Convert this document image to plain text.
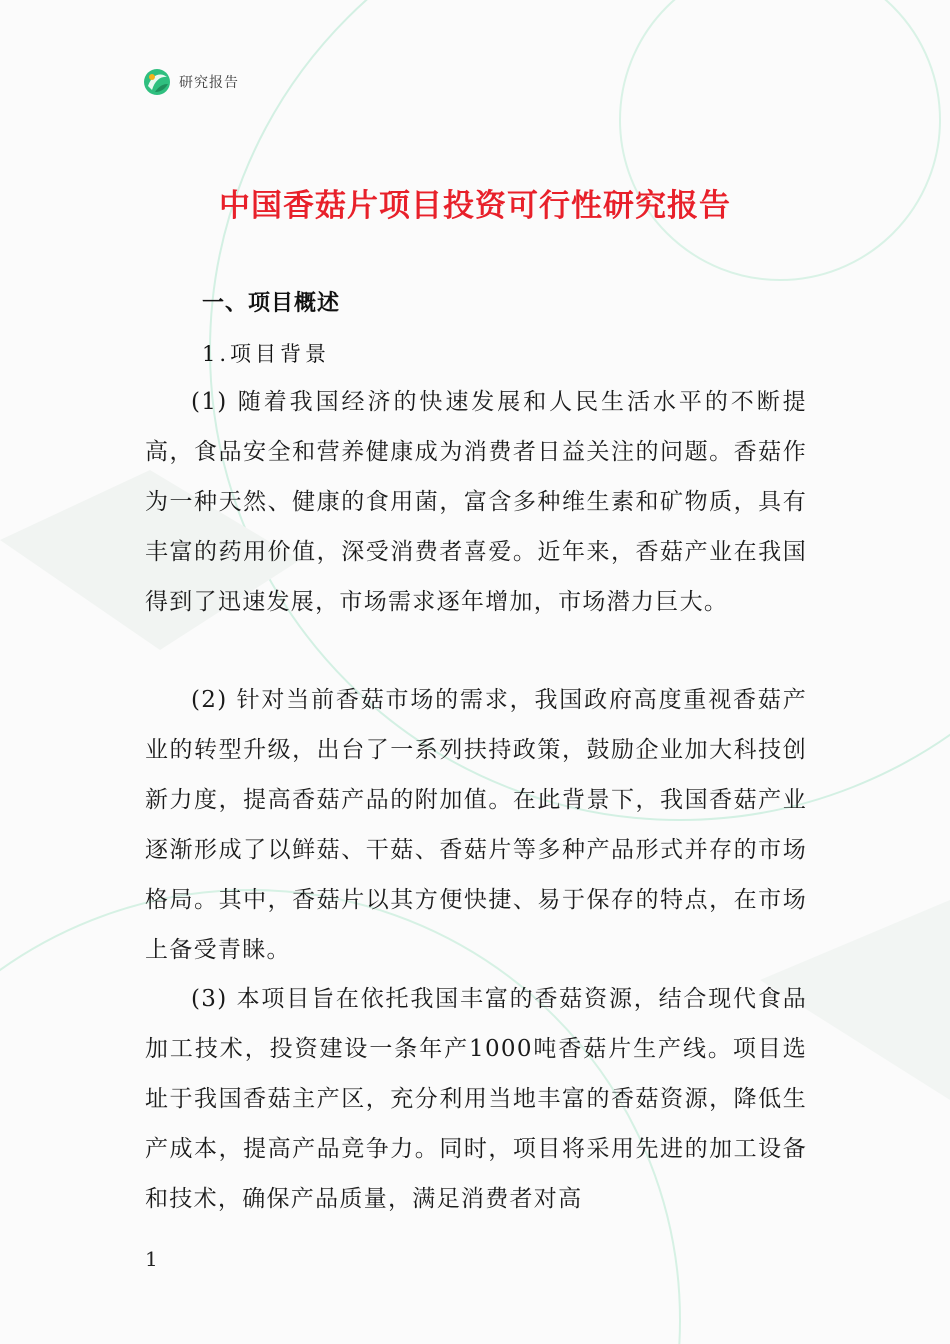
研究报告
中国香菇片项目投资可行性研究报告
一、项目概述
1.项目背景

(1) 随着我国经济的快速发展和人民生活水平的不断提高，食品安全和营养健康成为消费者日益关注的问题。香菇作为一种天然、健康的食用菌，富含多种维生素和矿物质，具有丰富的药用价值，深受消费者喜爱。近年来，香菇产业在我国得到了迅速发展，市场需求逐年增加，市场潜力巨大。

(2) 针对当前香菇市场的需求，我国政府高度重视香菇产业的转型升级，出台了一系列扶持政策，鼓励企业加大科技创新力度，提高香菇产品的附加值。在此背景下，我国香菇产业逐渐形成了以鲜菇、干菇、香菇片等多种产品形式并存的市场格局。其中，香菇片以其方便快捷、易于保存的特点，在市场上备受青睐。

(3) 本项目旨在依托我国丰富的香菇资源，结合现代食品加工技术，投资建设一条年产1000吨香菇片生产线。项目选址于我国香菇主产区，充分利用当地丰富的香菇资源，降低生产成本，提高产品竞争力。同时，项目将采用先进的加工设备和技术，确保产品质量，满足消费者对高

1
